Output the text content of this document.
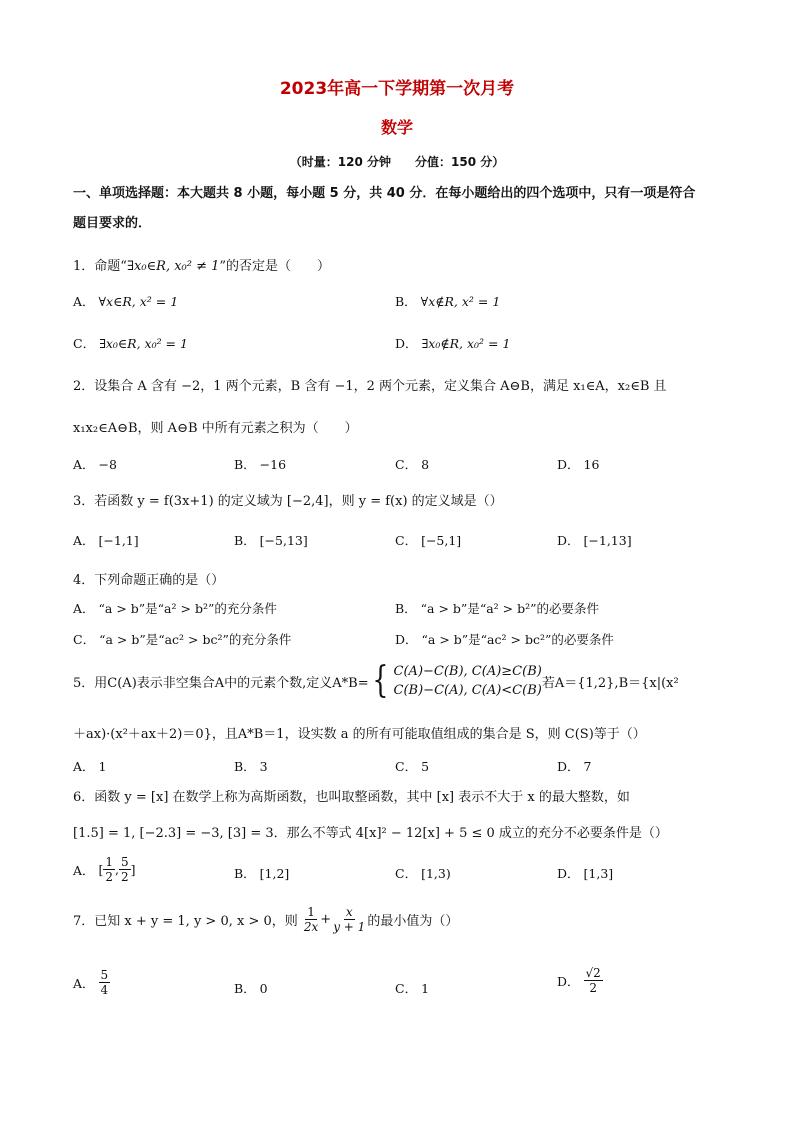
2023年高一下学期第一次月考
数学
（时量：120 分钟　　分值：150 分）
一、单项选择题：本大题共 8 小题，每小题 5 分，共 40 分．在每小题给出的四个选项中，只有一项是符合
题目要求的．
1．命题“∃x₀∈R, x₀² ≠ 1”的否定是（　　）
A． ∀x∈R, x² = 1	B． ∀x∉R, x² = 1
C． ∃x₀∈R, x₀² = 1	D． ∃x₀∉R, x₀² = 1
2．设集合 A 含有 −2，1 两个元素，B 含有 −1，2 两个元素，定义集合 A⊖B，满足 x₁∈A，x₂∈B 且
x₁x₂∈A⊖B，则 A⊖B 中所有元素之积为（　　）
A． −8	B． −16	C． 8	D． 16
3．若函数 y = f(3x+1) 的定义域为 [−2,4]，则 y = f(x) 的定义域是（）
A． [−1,1]	B． [−5,13]	C． [−5,1]	D． [−1,13]
4．下列命题正确的是（）
A． “a > b”是“a² > b²”的充分条件	B． “a > b”是“a² > b²”的必要条件
C． “a > b”是“ac² > bc²”的充分条件	D． “a > b”是“ac² > bc²”的必要条件
5． 用C(A)表示非空集合A中的元素个数,定义A*B= { C(A)−C(B), C(A)≥C(B)
C(B)−C(A), C(A)<C(B) 若A＝{1,2},B＝{x|(x²
＋ax)·(x²＋ax＋2)＝0}，且A*B＝1，设实数 a 的所有可能取值组成的集合是 S，则 C(S)等于（）
A． 1	B． 3	C． 5	D． 7
6．函数 y = [x] 在数学上称为高斯函数，也叫取整函数，其中 [x] 表示不大于 x 的最大整数，如
[1.5] = 1, [−2.3] = −3, [3] = 3．那么不等式 4[x]² − 12[x] + 5 ≤ 0 成立的充分不必要条件是（）
A．
[ $\frac{1}{2}$ , $\frac{5}{2}$ ]	B． [1,2]	C． [1,3)	D． [1,3]
7． 已知 x + y = 1, y > 0, x > 0，则
$\frac{1}{2x} + \frac{x}{y + 1}$ 的最小值为（）
A．
$\frac{5}{4}$	B． 0	C． 1	D．
$\frac{√2}{2}$
